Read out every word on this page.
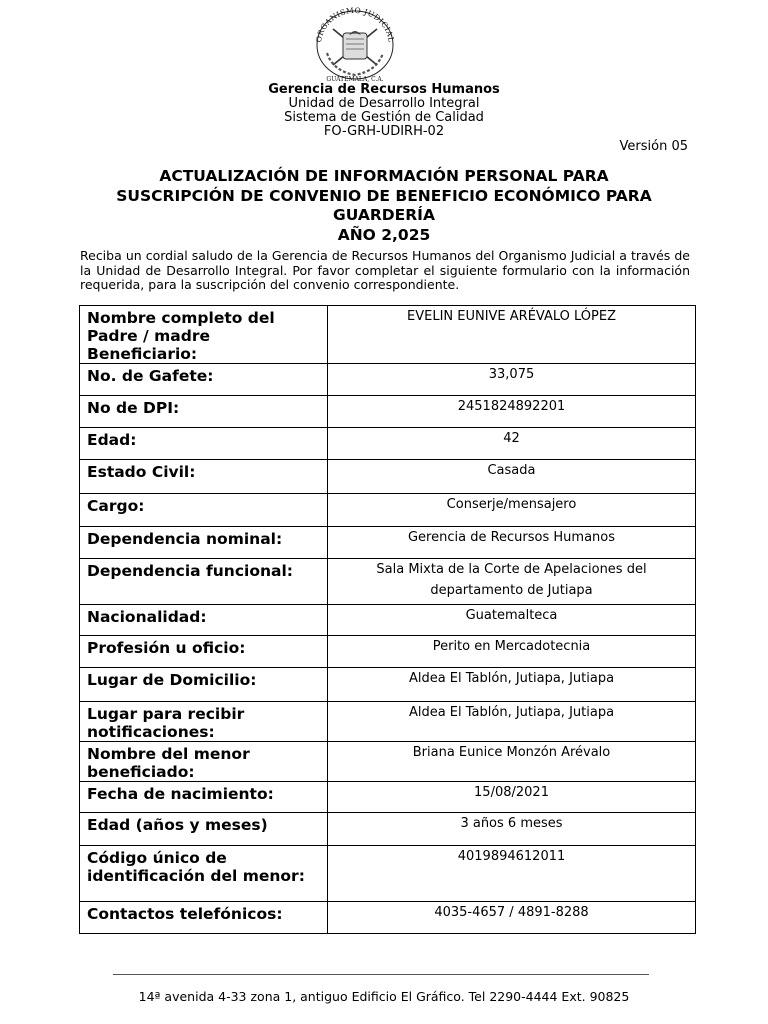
ORGANISMO JUDICIAL
GUATEMALA, C.A.
Gerencia de Recursos Humanos
Unidad de Desarrollo Integral
Sistema de Gestión de Calidad
FO-GRH-UDIRH-02
Versión 05
ACTUALIZACIÓN DE INFORMACIÓN PERSONAL PARA
SUSCRIPCIÓN DE CONVENIO DE BENEFICIO ECONÓMICO PARA
GUARDERÍA
AÑO 2,025
Reciba un cordial saludo de la Gerencia de Recursos Humanos del Organismo Judicial a través de la Unidad de Desarrollo Integral. Por favor completar el siguiente formulario con la información requerida, para la suscripción del convenio correspondiente.
Nombre completo del Padre / madre Beneficiario:	EVELIN EUNIVE ARÉVALO LÓPEZ
No. de Gafete:	33,075
No de DPI:	2451824892201
Edad:	42
Estado Civil:	Casada
Cargo:	Conserje/mensajero
Dependencia nominal:	Gerencia de Recursos Humanos
Dependencia funcional:	Sala Mixta de la Corte de Apelaciones del departamento de Jutiapa
Nacionalidad:	Guatemalteca
Profesión u oficio:	Perito en Mercadotecnia
Lugar de Domicilio:	Aldea El Tablón, Jutiapa, Jutiapa
Lugar para recibir notificaciones:	Aldea El Tablón, Jutiapa, Jutiapa
Nombre del menor beneficiado:	Briana Eunice Monzón Arévalo
Fecha de nacimiento:	15/08/2021
Edad (años y meses)	3 años 6 meses
Código único de identificación del menor:	4019894612011
Contactos telefónicos:	4035-4657 / 4891-8288
14ª avenida 4-33 zona 1, antiguo Edificio El Gráfico. Tel 2290-4444 Ext. 90825
